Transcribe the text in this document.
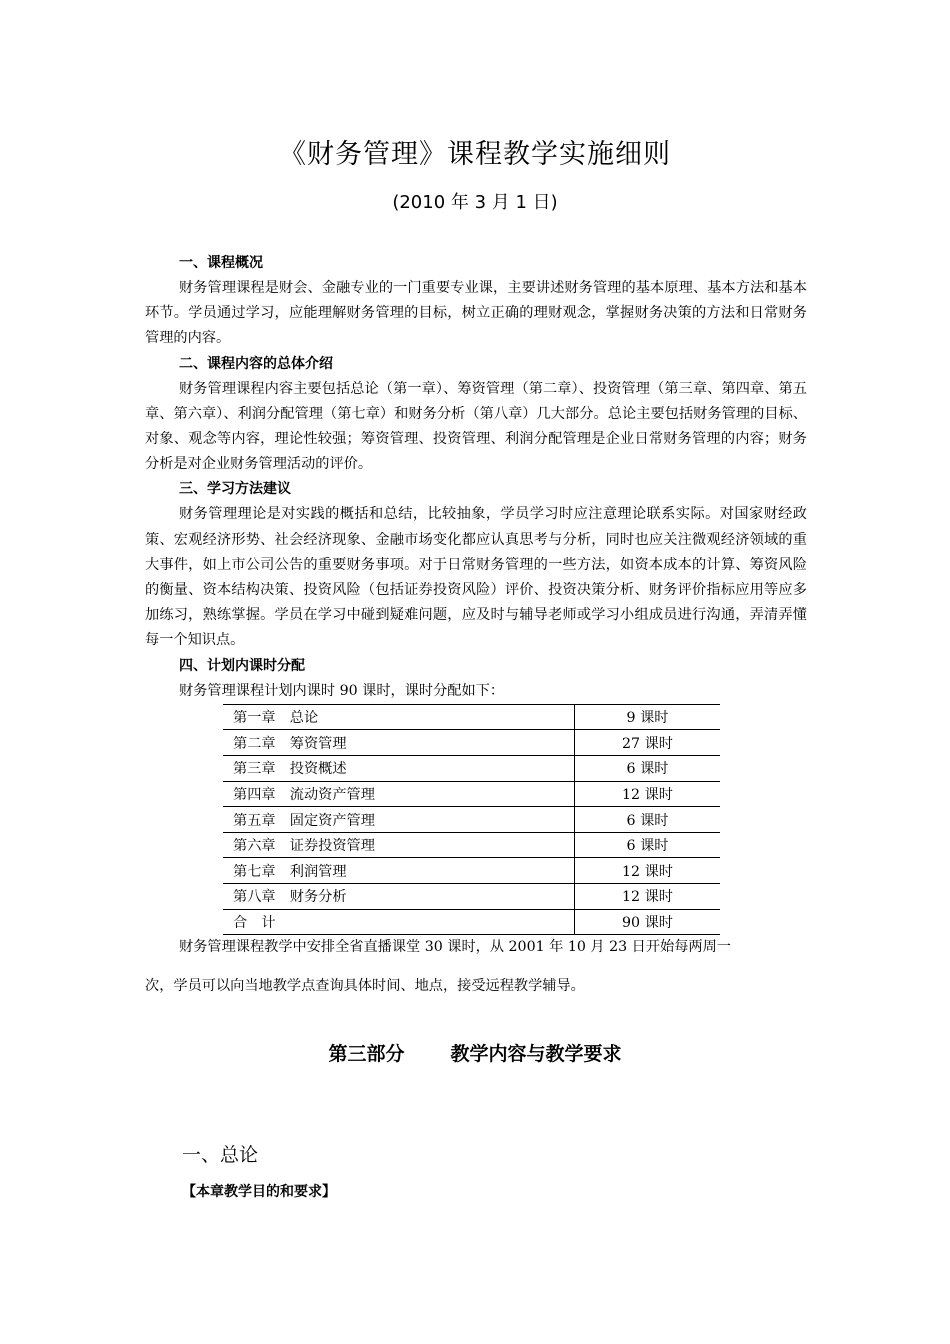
《财务管理》课程教学实施细则
(2010 年 3 月 1 日)
一、课程概况

财务管理课程是财会、金融专业的一门重要专业课，主要讲述财务管理的基本原理、基本方法和基本环节。学员通过学习，应能理解财务管理的目标，树立正确的理财观念，掌握财务决策的方法和日常财务管理的内容。

二、课程内容的总体介绍

财务管理课程内容主要包括总论（第一章）、筹资管理（第二章）、投资管理（第三章、第四章、第五章、第六章）、利润分配管理（第七章）和财务分析（第八章）几大部分。总论主要包括财务管理的目标、对象、观念等内容，理论性较强；筹资管理、投资管理、利润分配管理是企业日常财务管理的内容；财务分析是对企业财务管理活动的评价。

三、学习方法建议

财务管理理论是对实践的概括和总结，比较抽象，学员学习时应注意理论联系实际。对国家财经政策、宏观经济形势、社会经济现象、金融市场变化都应认真思考与分析，同时也应关注微观经济领域的重大事件，如上市公司公告的重要财务事项。对于日常财务管理的一些方法，如资本成本的计算、筹资风险的衡量、资本结构决策、投资风险（包括证券投资风险）评价、投资决策分析、财务评价指标应用等应多加练习，熟练掌握。学员在学习中碰到疑难问题，应及时与辅导老师或学习小组成员进行沟通，弄清弄懂每一个知识点。

四、计划内课时分配

财务管理课程计划内课时 90 课时，课时分配如下：

第一章　总论	9 课时
第二章　筹资管理	27 课时
第三章　投资概述	6 课时
第四章　流动资产管理	12 课时
第五章　固定资产管理	6 课时
第六章　证券投资管理	6 课时
第七章　利润管理	12 课时
第八章　财务分析	12 课时
合　计	90 课时

财务管理课程教学中安排全省直播课堂 30 课时，从 2001 年 10 月 23 日开始每两周一

次，学员可以向当地教学点查询具体时间、地点，接受远程教学辅导。

第三部分 教学内容与教学要求
一、总论
【本章教学目的和要求】
